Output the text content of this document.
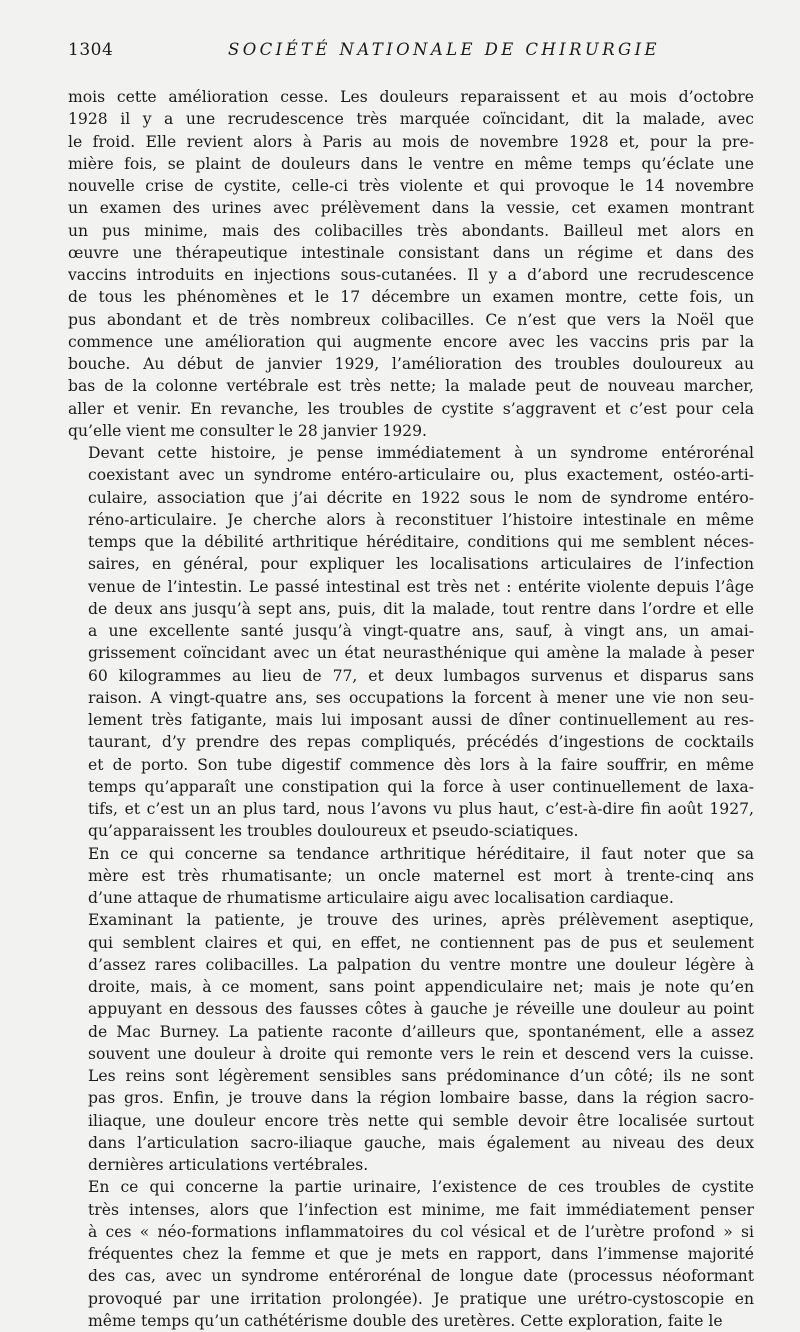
1304	SOCIÉTÉ NATIONALE DE CHIRURGIE
mois cette amélioration cesse. Les douleurs reparaissent et au mois d’octobre
1928 il y a une recrudescence très marquée coïncidant, dit la malade, avec
le froid. Elle revient alors à Paris au mois de novembre 1928 et, pour la pre-
mière fois, se plaint de douleurs dans le ventre en même temps qu’éclate une
nouvelle crise de cystite, celle-ci très violente et qui provoque le 14 novembre
un examen des urines avec prélèvement dans la vessie, cet examen montrant
un pus minime, mais des colibacilles très abondants. Bailleul met alors en
œuvre une thérapeutique intestinale consistant dans un régime et dans des
vaccins introduits en injections sous-cutanées. Il y a d’abord une recrudescence
de tous les phénomènes et le 17 décembre un examen montre, cette fois, un
pus abondant et de très nombreux colibacilles. Ce n’est que vers la Noël que
commence une amélioration qui augmente encore avec les vaccins pris par la
bouche. Au début de janvier 1929, l’amélioration des troubles douloureux au
bas de la colonne vertébrale est très nette; la malade peut de nouveau marcher,
aller et venir. En revanche, les troubles de cystite s’aggravent et c’est pour cela
qu’elle vient me consulter le 28 janvier 1929.
Devant cette histoire, je pense immédiatement à un syndrome entérorénal
coexistant avec un syndrome entéro-articulaire ou, plus exactement, ostéo-arti-
culaire, association que j’ai décrite en 1922 sous le nom de syndrome entéro-
réno-articulaire. Je cherche alors à reconstituer l’histoire intestinale en même
temps que la débilité arthritique héréditaire, conditions qui me semblent néces-
saires, en général, pour expliquer les localisations articulaires de l’infection
venue de l’intestin. Le passé intestinal est très net : entérite violente depuis l’âge
de deux ans jusqu’à sept ans, puis, dit la malade, tout rentre dans l’ordre et elle
a une excellente santé jusqu’à vingt-quatre ans, sauf, à vingt ans, un amai-
grissement coïncidant avec un état neurasthénique qui amène la malade à peser
60 kilogrammes au lieu de 77, et deux lumbagos survenus et disparus sans
raison. A vingt-quatre ans, ses occupations la forcent à mener une vie non seu-
lement très fatigante, mais lui imposant aussi de dîner continuellement au res-
taurant, d’y prendre des repas compliqués, précédés d’ingestions de cocktails
et de porto. Son tube digestif commence dès lors à la faire souffrir, en même
temps qu’apparaît une constipation qui la force à user continuellement de laxa-
tifs, et c’est un an plus tard, nous l’avons vu plus haut, c’est-à-dire fin août 1927,
qu’apparaissent les troubles douloureux et pseudo-sciatiques.
En ce qui concerne sa tendance arthritique héréditaire, il faut noter que sa
mère est très rhumatisante; un oncle maternel est mort à trente-cinq ans
d’une attaque de rhumatisme articulaire aigu avec localisation cardiaque.
Examinant la patiente, je trouve des urines, après prélèvement aseptique,
qui semblent claires et qui, en effet, ne contiennent pas de pus et seulement
d’assez rares colibacilles. La palpation du ventre montre une douleur légère à
droite, mais, à ce moment, sans point appendiculaire net; mais je note qu’en
appuyant en dessous des fausses côtes à gauche je réveille une douleur au point
de Mac Burney. La patiente raconte d’ailleurs que, spontanément, elle a assez
souvent une douleur à droite qui remonte vers le rein et descend vers la cuisse.
Les reins sont légèrement sensibles sans prédominance d’un côté; ils ne sont
pas gros. Enfin, je trouve dans la région lombaire basse, dans la région sacro-
iliaque, une douleur encore très nette qui semble devoir être localisée surtout
dans l’articulation sacro-iliaque gauche, mais également au niveau des deux
dernières articulations vertébrales.
En ce qui concerne la partie urinaire, l’existence de ces troubles de cystite
très intenses, alors que l’infection est minime, me fait immédiatement penser
à ces « néo-formations inflammatoires du col vésical et de l’urètre profond » si
fréquentes chez la femme et que je mets en rapport, dans l’immense majorité
des cas, avec un syndrome entérorénal de longue date (processus néoformant
provoqué par une irritation prolongée). Je pratique une urétro-cystoscopie en
même temps qu’un cathétérisme double des uretères. Cette exploration, faite le
